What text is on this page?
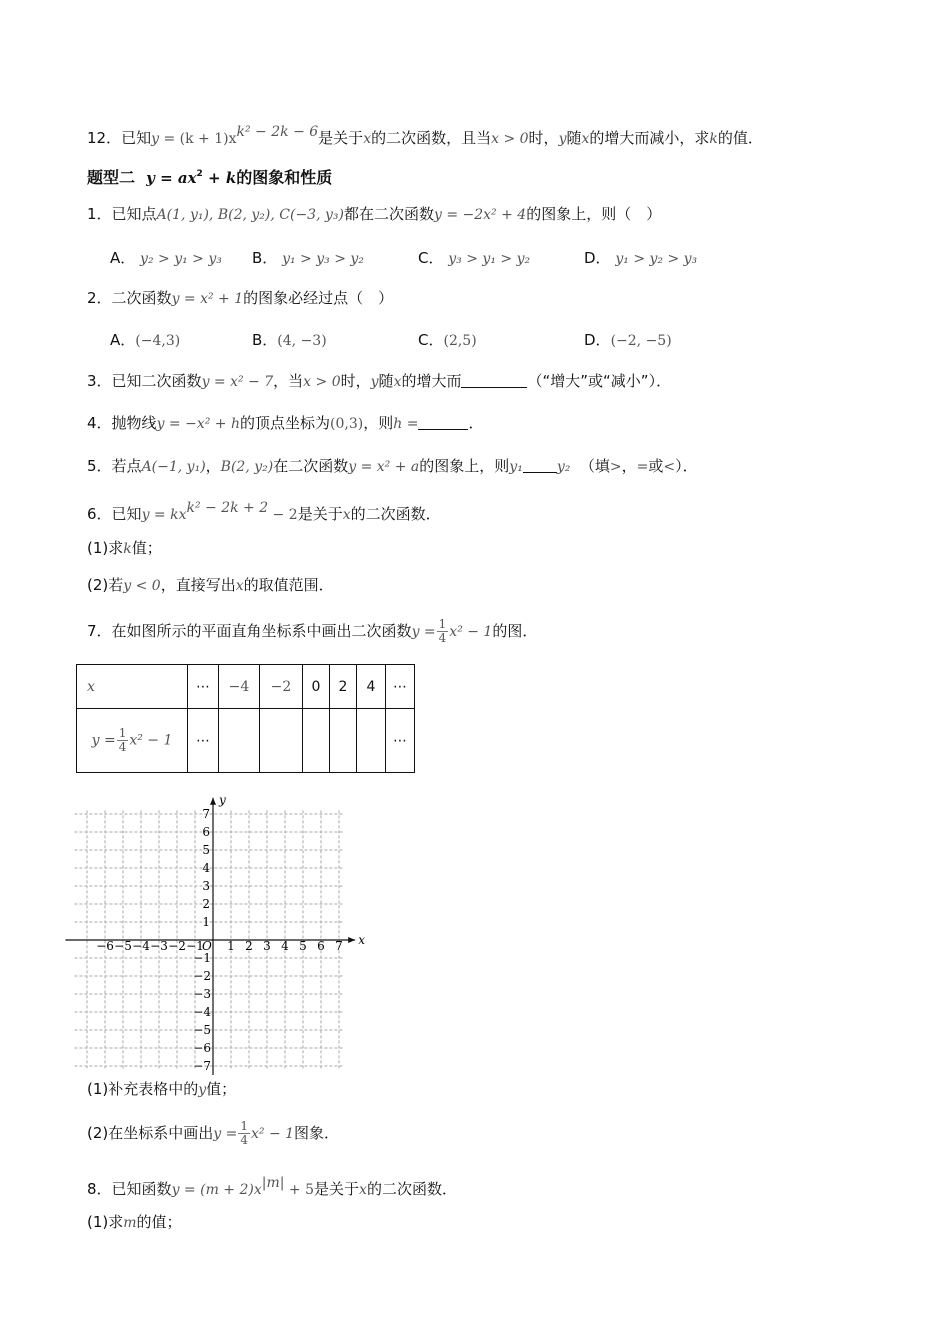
12．已知$y = (k + 1)x^{k^2 - 2k - 6}$是关于x的二次函数，且当x > 0时，y随x的增大而减小，求k的值．
题型二 $y = ax^2 + k$的图象和性质
1．已知点A(1, y₁), B(2, y₂), C(−3, y₃)都在二次函数y = −2x² + 4的图象上，则（　）
A． y₂ > y₁ > y₃ B． y₁ > y₃ > y₂	C． y₃ > y₁ > y₂	D． y₁ > y₂ > y₃
2．二次函数y = x² + 1的图象必经过点（　）
A．(−4,3)	B．(4, −3)	C．(2,5)	D．(−2, −5)
3．已知二次函数y = x² − 7，当x > 0时，y随x的增大而	（“增大”或“减小”）．
4．抛物线y = −x² + h的顶点坐标为(0,3)，则h =	．
5．若点A(−1, y₁)，B(2, y₂)在二次函数y = x² + a的图象上，则y₁ y₂ （填>，=或<）．
6．已知$y = kx^{k^2 - 2k + 2} - 2$是关于x的二次函数．
(1)求k值；
(2)若y < 0，直接写出x的取值范围．
7．在如图所示的平面直角坐标系中画出二次函数$y = \frac{1}{4} x^2 - 1$的图．
x	⋯	−4	−2	0	2	4	⋯
$y = \frac{1}{4} x^2 - 1$	⋯						⋯
x
y
O
−6 −5 −4 −3 −2 −1 1 2 3 4 5 6 7
1
2
3
4
5
6
7
−1
−2
−3
−4
−5
−6
−7
(1)补充表格中的y值；
(2)在坐标系中画出$y = \frac{1}{4} x^2 - 1$图象．
8．已知函数$y = (m + 2)x^{|m|} + 5$是关于x的二次函数．
(1)求m的值；
